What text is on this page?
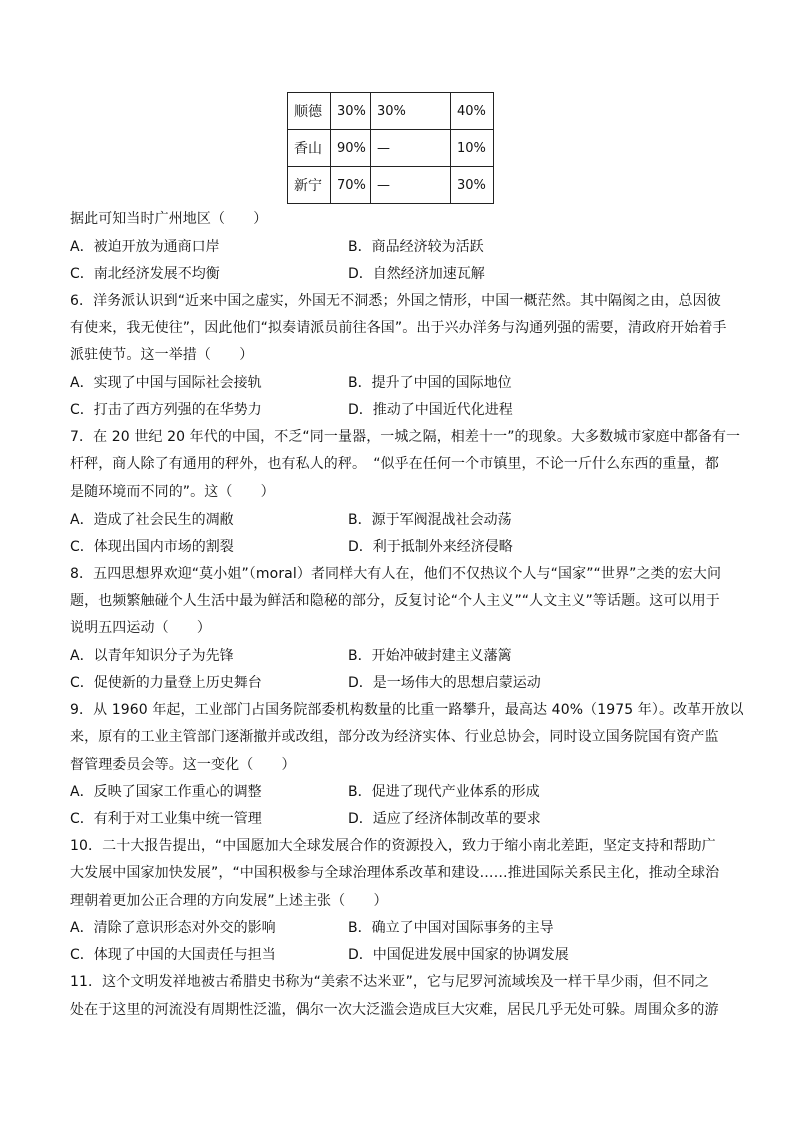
顺德	30%	30%	40%
香山	90%	—	10%
新宁	70%	—	30%
据此可知当时广州地区（　　）
A．被迫开放为通商口岸	B．商品经济较为活跃
C．南北经济发展不均衡	D．自然经济加速瓦解
6．洋务派认识到“近来中国之虚实，外国无不洞悉；外国之情形，中国一概茫然。其中隔阂之由，总因彼
有使来，我无使往”，因此他们“拟奏请派员前往各国”。出于兴办洋务与沟通列强的需要，清政府开始着手
派驻使节。这一举措（　　）
A．实现了中国与国际社会接轨	B．提升了中国的国际地位
C．打击了西方列强的在华势力	D．推动了中国近代化进程
7．在 20 世纪 20 年代的中国，不乏“同一量器，一城之隔，相差十一”的现象。大多数城市家庭中都备有一
杆秤，商人除了有通用的秤外，也有私人的秤。　“似乎在任何一个市镇里，不论一斤什么东西的重量，都
是随环境而不同的”。这（　　）
A．造成了社会民生的凋敝	B．源于军阀混战社会动荡
C．体现出国内市场的割裂	D．利于抵制外来经济侵略
8．五四思想界欢迎“莫小姐”（moral）者同样大有人在，他们不仅热议个人与“国家”“世界”之类的宏大问
题，也频繁触碰个人生活中最为鲜活和隐秘的部分，反复讨论“个人主义”“人文主义”等话题。这可以用于
说明五四运动（　　）
A．以青年知识分子为先锋	B．开始冲破封建主义藩篱
C．促使新的力量登上历史舞台	D．是一场伟大的思想启蒙运动
9．从 1960 年起，工业部门占国务院部委机构数量的比重一路攀升，最高达 40%（1975 年）。改革开放以
来，原有的工业主管部门逐渐撤并或改组，部分改为经济实体、行业总协会，同时设立国务院国有资产监
督管理委员会等。这一变化（　　）
A．反映了国家工作重心的调整	B．促进了现代产业体系的形成
C．有利于对工业集中统一管理	D．适应了经济体制改革的要求
10．二十大报告提出，“中国愿加大全球发展合作的资源投入，致力于缩小南北差距，坚定支持和帮助广
大发展中国家加快发展”，“中国积极参与全球治理体系改革和建设……推进国际关系民主化，推动全球治
理朝着更加公正合理的方向发展”上述主张（　　）
A．清除了意识形态对外交的影响	B．确立了中国对国际事务的主导
C．体现了中国的大国责任与担当	D．中国促进发展中国家的协调发展
11．这个文明发祥地被古希腊史书称为“美索不达米亚”，它与尼罗河流域埃及一样干旱少雨，但不同之
处在于这里的河流没有周期性泛滥，偶尔一次大泛滥会造成巨大灾难，居民几乎无处可躲。周围众多的游
